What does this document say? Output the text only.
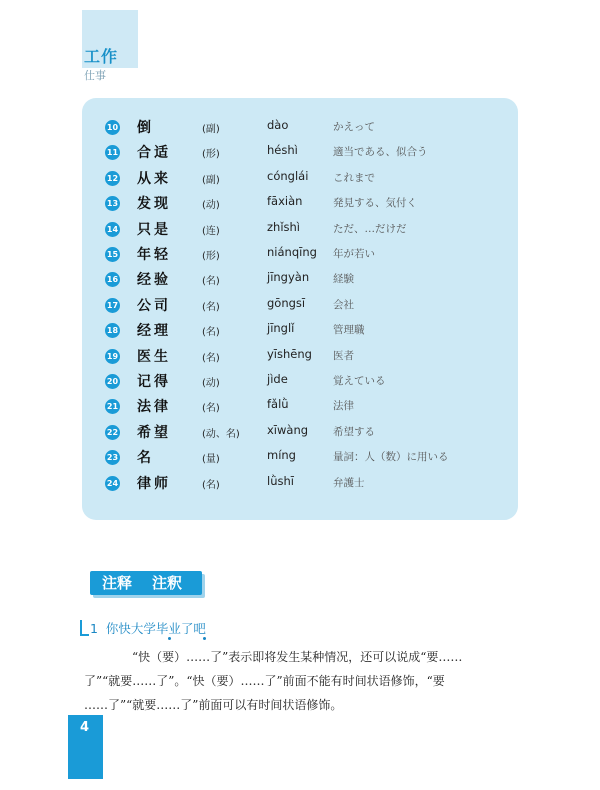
工作
仕事
10 倒	(副)	dào	かえって
11 合适	(形)	héshì	適当である、似合う
12 从来	(副)	cónglái これまで
13 发现	(动)	fāxiàn	発見する、気付く
14 只是	(连)	zhǐshì	ただ、…だけだ
15 年轻	(形)	niánqīng 年が若い
16 经验	(名)	jīngyàn 経験
17 公司	(名)	gōngsī	会社
18 经理	(名)	jīnglǐ	管理職
19 医生	(名)	yīshēng 医者
20 记得	(动)	jìde	覚えている
21 法律	(名)	fǎlǜ	法律
22 希望	(动、名) xīwàng 希望する
23 名	(量)	míng	量詞：人（数）に用いる
24 律师	(名)	lǜshī	弁護士
注释 注釈
1 你快大学毕业了吧
“快（要）……了”表示即将发生某种情况，还可以说成“要……
了”“就要……了”。“快（要）……了”前面不能有时间状语修饰，“要
……了”“就要……了”前面可以有时间状语修饰。
4
